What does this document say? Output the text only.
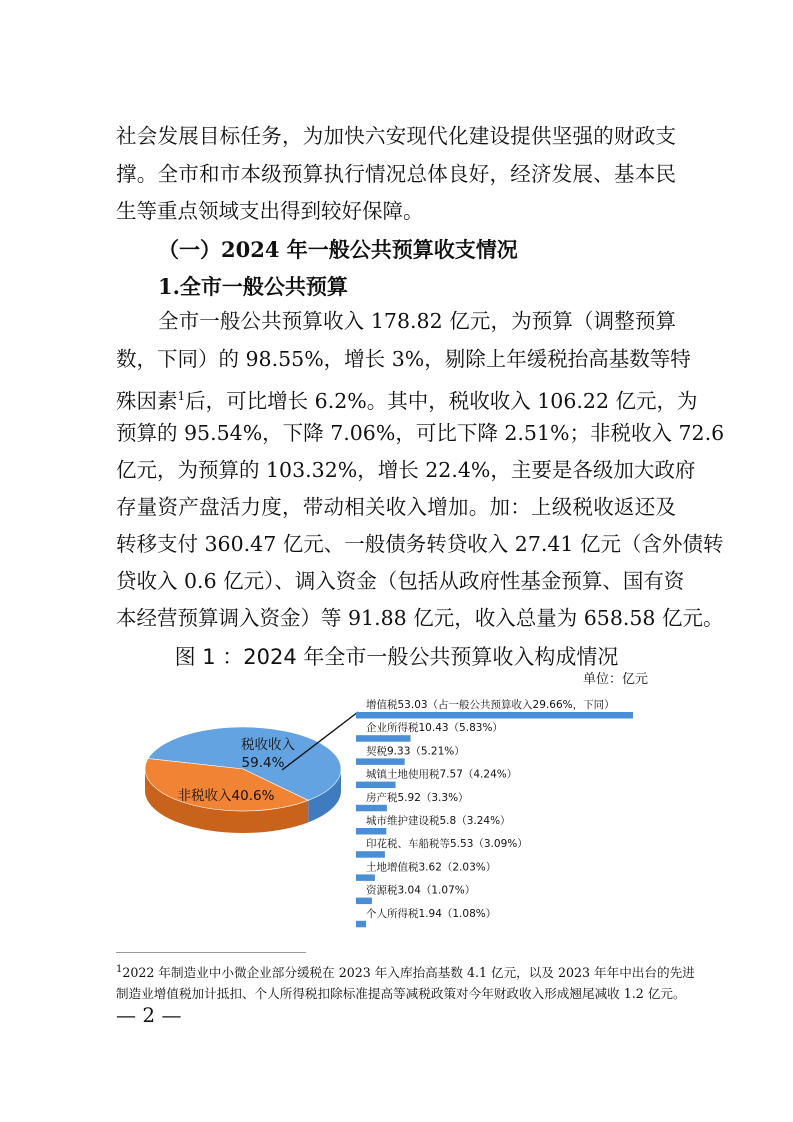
社会发展目标任务，为加快六安现代化建设提供坚强的财政支
撑。全市和市本级预算执行情况总体良好，经济发展、基本民
生等重点领域支出得到较好保障。
（一）2024 年一般公共预算收支情况
1.全市一般公共预算
全市一般公共预算收入 178.82 亿元，为预算（调整预算
数，下同）的 98.55%，增长 3%，剔除上年缓税抬高基数等特
殊因素$^1$后，可比增长 6.2%。其中，税收收入 106.22 亿元，为
预算的 95.54%，下降 7.06%，可比下降 2.51%；非税收入 72.6
亿元，为预算的 103.32%，增长 22.4%，主要是各级加大政府
存量资产盘活力度，带动相关收入增加。加：上级税收返还及
转移支付 360.47 亿元、一般债务转贷收入 27.41 亿元（含外债转
贷收入 0.6 亿元）、调入资金（包括从政府性基金预算、国有资
本经营预算调入资金）等 91.88 亿元，收入总量为 658.58 亿元。
图 1 ：2024 年全市一般公共预算收入构成情况
单位：亿元
税收收入
59.4%
非税收入40.6%
增值税53.03（占一般公共预算收入29.66%，下同）
企业所得税10.43（5.83%）
契税9.33（5.21%）
城镇土地使用税7.57（4.24%）
房产税5.92（3.3%）
城市维护建设税5.8（3.24%）
印花税、车船税等5.53（3.09%）
土地增值税3.62（2.03%）
资源税3.04（1.07%）
个人所得税1.94（1.08%）
$^1$2022 年制造业中小微企业部分缓税在 2023 年入库抬高基数 4.1 亿元，以及 2023 年年中出台的先进
制造业增值税加计抵扣、个人所得税扣除标准提高等减税政策对今年财政收入形成翘尾减收 1.2 亿元。
— 2 —
